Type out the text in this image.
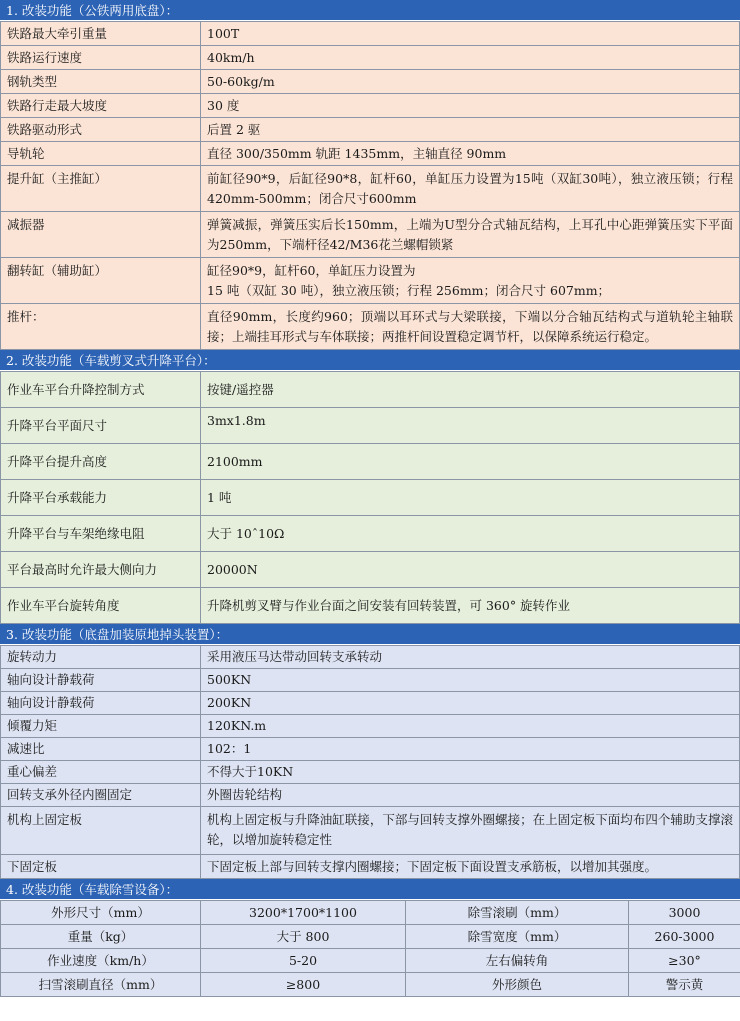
1. 改装功能（公铁两用底盘）：
铁路最大牵引重量	100T
铁路运行速度	40km/h
钢轨类型	50-60kg/m
铁路行走最大坡度	30 度
铁路驱动形式	后置 2 驱
导轨轮	直径 300/350mm 轨距 1435mm，主轴直径 90mm
提升缸（主推缸）	前缸径90*9，后缸径90*8，缸杆60，单缸压力设置为15吨（双缸30吨），独立液压锁；行程420mm-500mm；闭合尺寸600mm
减振器	弹簧减振，弹簧压实后长150mm，上端为U型分合式轴瓦结构，上耳孔中心距弹簧压实下平面为250mm，下端杆径42/M36花兰螺帽锁紧
翻转缸（辅助缸）	缸径90*9，缸杆60，单缸压力设置为
15 吨（双缸 30 吨），独立液压锁；行程 256mm；闭合尺寸 607mm；

推杆：	直径90mm，长度约960；顶端以耳环式与大梁联接，下端以分合轴瓦结构式与道轨轮主轴联接；上端挂耳形式与车体联接；两推杆间设置稳定调节杆，以保障系统运行稳定。
2. 改装功能（车载剪叉式升降平台）：
作业车平台升降控制方式	按键/遥控器
升降平台平面尺寸	3mx1.8m
升降平台提升高度	2100mm
升降平台承载能力	1 吨
升降平台与车架绝缘电阻	大于 10ˆ10Ω
平台最高时允许最大侧向力	20000N
作业车平台旋转角度	升降机剪叉臂与作业台面之间安装有回转装置，可 360° 旋转作业
3. 改装功能（底盘加装原地掉头装置）：
旋转动力	采用液压马达带动回转支承转动
轴向设计静载荷	500KN
轴向设计静载荷	200KN
倾覆力矩	120KN.m
减速比	102：1
重心偏差	不得大于10KN
回转支承外径内圈固定	外圈齿轮结构
机构上固定板	机构上固定板与升降油缸联接，下部与回转支撑外圈螺接；在上固定板下面均布四个辅助支撑滚轮，以增加旋转稳定性
下固定板	下固定板上部与回转支撑内圈螺接；下固定板下面设置支承筋板，以增加其强度。
4. 改装功能（车载除雪设备）：
外形尺寸（mm）	3200*1700*1100	除雪滚刷（mm）	3000
重量（kg）	大于 800	除雪宽度（mm）	260-3000
作业速度（km/h）	5-20	左右偏转角	≥30°
扫雪滚刷直径（mm）	≥800	外形颜色	警示黄
